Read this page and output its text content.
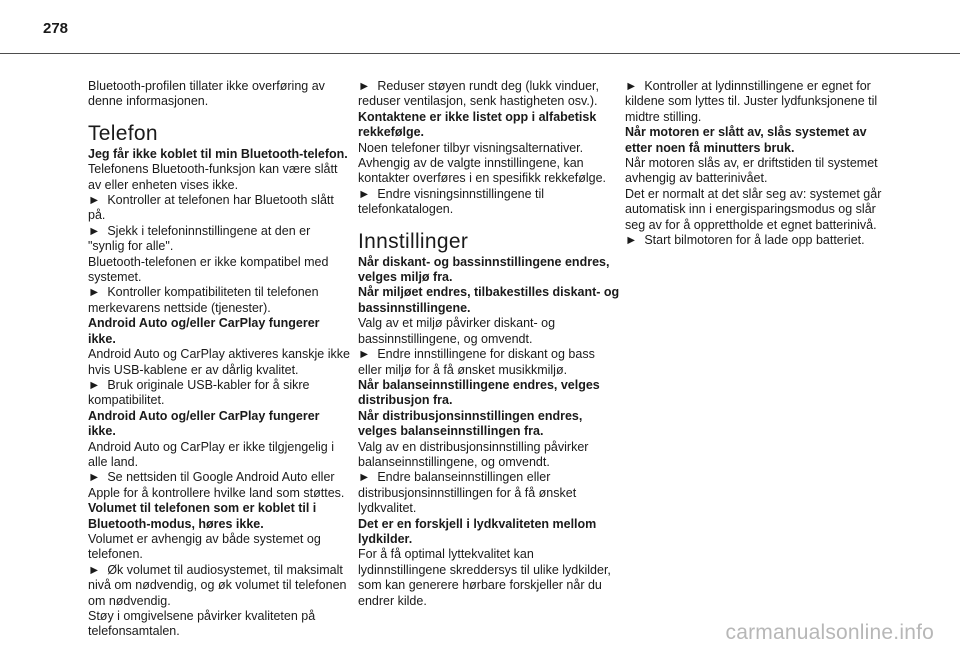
278

Bluetooth-profilen tillater ikke overføring av denne informasjonen.

Telefon

Jeg får ikke koblet til min Bluetooth-telefon.

Telefonens Bluetooth-funksjon kan være slått av eller enheten vises ikke.

►  Kontroller at telefonen har Bluetooth slått på.

►  Sjekk i telefoninnstillingene at den er "synlig for alle".

Bluetooth-telefonen er ikke kompatibel med systemet.

►  Kontroller kompatibiliteten til telefonen merkevarens nettside (tjenester).

Android Auto og/eller CarPlay fungerer ikke.

Android Auto og CarPlay aktiveres kanskje ikke hvis USB-kablene er av dårlig kvalitet.

►  Bruk originale USB-kabler for å sikre kompatibilitet.

Android Auto og/eller CarPlay fungerer ikke.

Android Auto og CarPlay er ikke tilgjengelig i alle land.

►  Se nettsiden til Google Android Auto eller Apple for å kontrollere hvilke land som støttes.

Volumet til telefonen som er koblet til i Bluetooth-modus, høres ikke.

Volumet er avhengig av både systemet og telefonen.

►  Øk volumet til audiosystemet, til maksimalt nivå om nødvendig, og øk volumet til telefonen om nødvendig.

Støy i omgivelsene påvirker kvaliteten på telefonsamtalen.

►  Reduser støyen rundt deg (lukk vinduer, reduser ventilasjon, senk hastigheten osv.).

Kontaktene er ikke listet opp i alfabetisk rekkefølge.

Noen telefoner tilbyr visningsalternativer. Avhengig av de valgte innstillingene, kan kontakter overføres i en spesifikk rekkefølge.

►  Endre visningsinnstillingene til telefonkatalogen.

Innstillinger

Når diskant- og bassinnstillingene endres, velges miljø fra.

Når miljøet endres, tilbakestilles diskant- og bassinnstillingene.

Valg av et miljø påvirker diskant- og bassinnstillingene, og omvendt.

►  Endre innstillingene for diskant og bass eller miljø for å få ønsket musikkmiljø.

Når balanseinnstillingene endres, velges distribusjon fra.

Når distribusjonsinnstillingen endres, velges balanseinnstillingen fra.

Valg av en distribusjonsinnstilling påvirker balanseinnstillingene, og omvendt.

►  Endre balanseinnstillingen eller distribusjonsinnstillingen for å få ønsket lydkvalitet.

Det er en forskjell i lydkvaliteten mellom lydkilder.

For å få optimal lyttekvalitet kan lydinnstillingene skreddersys til ulike lydkilder, som kan generere hørbare forskjeller når du endrer kilde.

►  Kontroller at lydinnstillingene er egnet for kildene som lyttes til. Juster lydfunksjonene til midtre stilling.

Når motoren er slått av, slås systemet av etter noen få minutters bruk.

Når motoren slås av, er driftstiden til systemet avhengig av batterinivået.

Det er normalt at det slår seg av: systemet går automatisk inn i energisparingsmodus og slår seg av for å opprettholde et egnet batterinivå.

►  Start bilmotoren for å lade opp batteriet.

carmanualsonline.info
